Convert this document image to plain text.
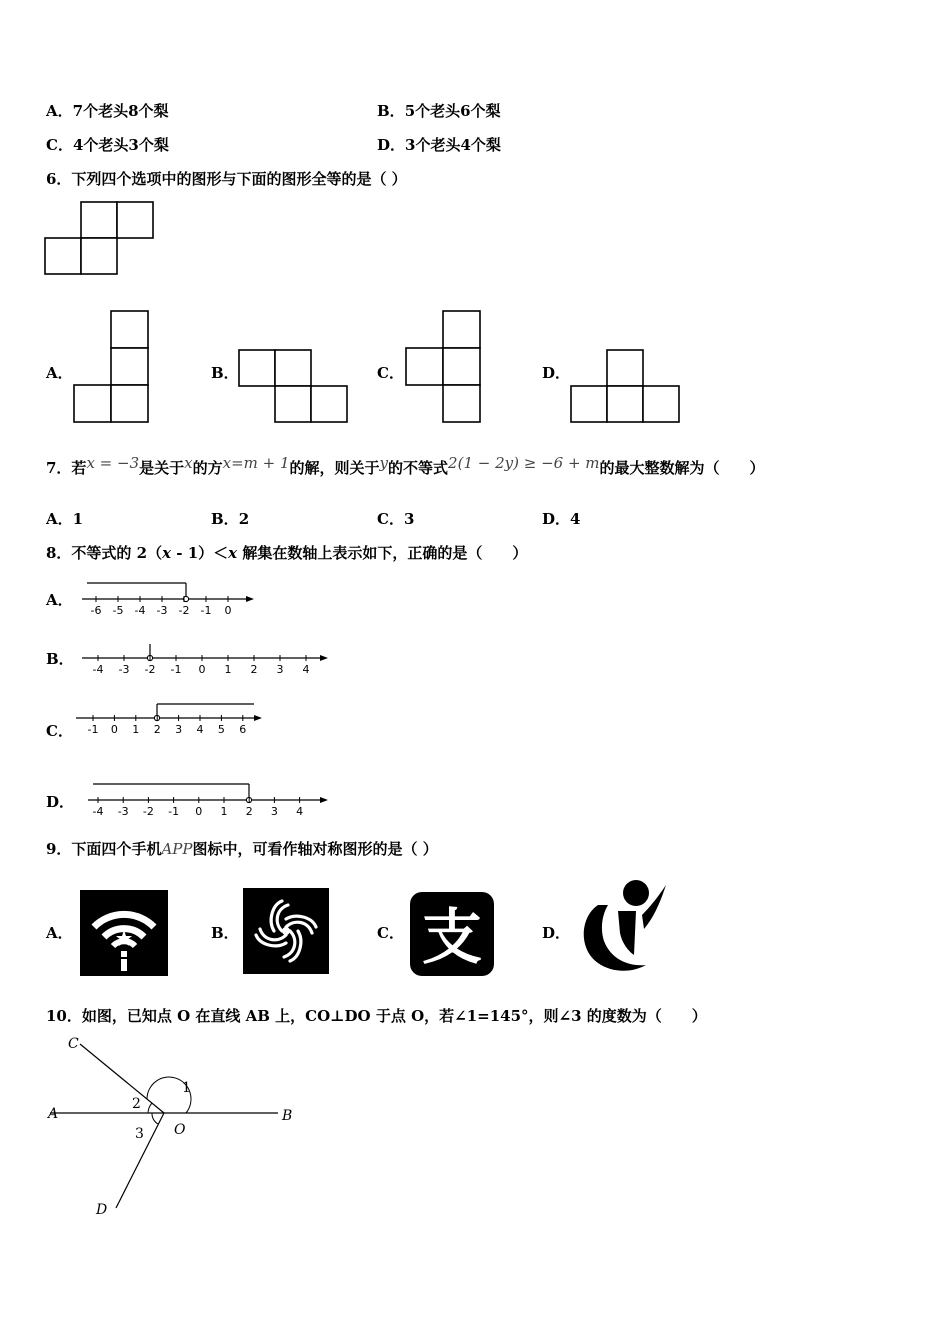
A．7个老头8个梨	B．5个老头6个梨
C．4个老头3个梨	D．3个老头4个梨
6．下列四个选项中的图形与下面的图形全等的是（ ）
A．	B．	C．	D．
7．若x = −3是关于x的方x=m + 1的解，则关于y的不等式2(1 − 2y) ≥ −6 + m的最大整数解为（　　）
A．1	B．2	C．3	D．4
8．不等式的 2（x - 1）＜x 解集在数轴上表示如下，正确的是（　　）
A．
-6 -5 -4 -3 -2 -1 0
B．
-4 -3 -2 -1 0 1 2 3 4
C． -1 0 1 2 3 4 5 6
D．
-4 -3 -2 -1 0 1 2 3 4
9．下面四个手机APP图标中，可看作轴对称图形的是（ ）
A．	B．	C． 支	D．
10．如图，已知点 O 在直线 AB 上，CO⊥DO 于点 O，若∠1=145°，则∠3 的度数为（　　）
C
A	B
O
D
1
2
3
